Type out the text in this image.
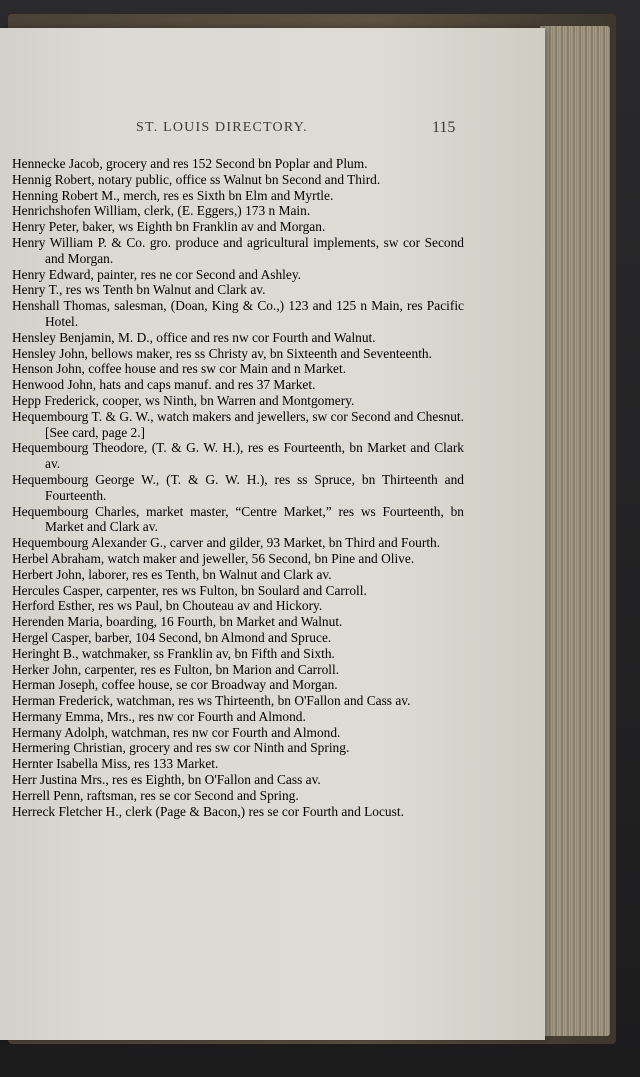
ST. LOUIS DIRECTORY.	115
Hennecke Jacob, grocery and res 152 Second bn Poplar and Plum.
Hennig Robert, notary public, office ss Walnut bn Second and Third.
Henning Robert M., merch, res es Sixth bn Elm and Myrtle.
Henrichshofen William, clerk, (E. Eggers,) 173 n Main.
Henry Peter, baker, ws Eighth bn Franklin av and Morgan.
Henry William P. & Co. gro. produce and agricultural implements, sw cor Second and Morgan.
Henry Edward, painter, res ne cor Second and Ashley.
Henry T., res ws Tenth bn Walnut and Clark av.
Henshall Thomas, salesman, (Doan, King & Co.,) 123 and 125 n Main, res Pacific Hotel.
Hensley Benjamin, M. D., office and res nw cor Fourth and Walnut.
Hensley John, bellows maker, res ss Christy av, bn Sixteenth and Seventeenth.
Henson John, coffee house and res sw cor Main and n Market.
Henwood John, hats and caps manuf. and res 37 Market.
Hepp Frederick, cooper, ws Ninth, bn Warren and Montgomery.
Hequembourg T. & G. W., watch makers and jewellers, sw cor Second and Chesnut. [See card, page 2.]
Hequembourg Theodore, (T. & G. W. H.), res es Fourteenth, bn Market and Clark av.
Hequembourg George W., (T. & G. W. H.), res ss Spruce, bn Thirteenth and Fourteenth.
Hequembourg Charles, market master, “Centre Market,” res ws Fourteenth, bn Market and Clark av.
Hequembourg Alexander G., carver and gilder, 93 Market, bn Third and Fourth.
Herbel Abraham, watch maker and jeweller, 56 Second, bn Pine and Olive.
Herbert John, laborer, res es Tenth, bn Walnut and Clark av.
Hercules Casper, carpenter, res ws Fulton, bn Soulard and Carroll.
Herford Esther, res ws Paul, bn Chouteau av and Hickory.
Herenden Maria, boarding, 16 Fourth, bn Market and Walnut.
Hergel Casper, barber, 104 Second, bn Almond and Spruce.
Heringht B., watchmaker, ss Franklin av, bn Fifth and Sixth.
Herker John, carpenter, res es Fulton, bn Marion and Carroll.
Herman Joseph, coffee house, se cor Broadway and Morgan.
Herman Frederick, watchman, res ws Thirteenth, bn O'Fallon and Cass av.
Hermany Emma, Mrs., res nw cor Fourth and Almond.
Hermany Adolph, watchman, res nw cor Fourth and Almond.
Hermering Christian, grocery and res sw cor Ninth and Spring.
Hernter Isabella Miss, res 133 Market.
Herr Justina Mrs., res es Eighth, bn O'Fallon and Cass av.
Herrell Penn, raftsman, res se cor Second and Spring.
Herreck Fletcher H., clerk (Page & Bacon,) res se cor Fourth and Locust.
